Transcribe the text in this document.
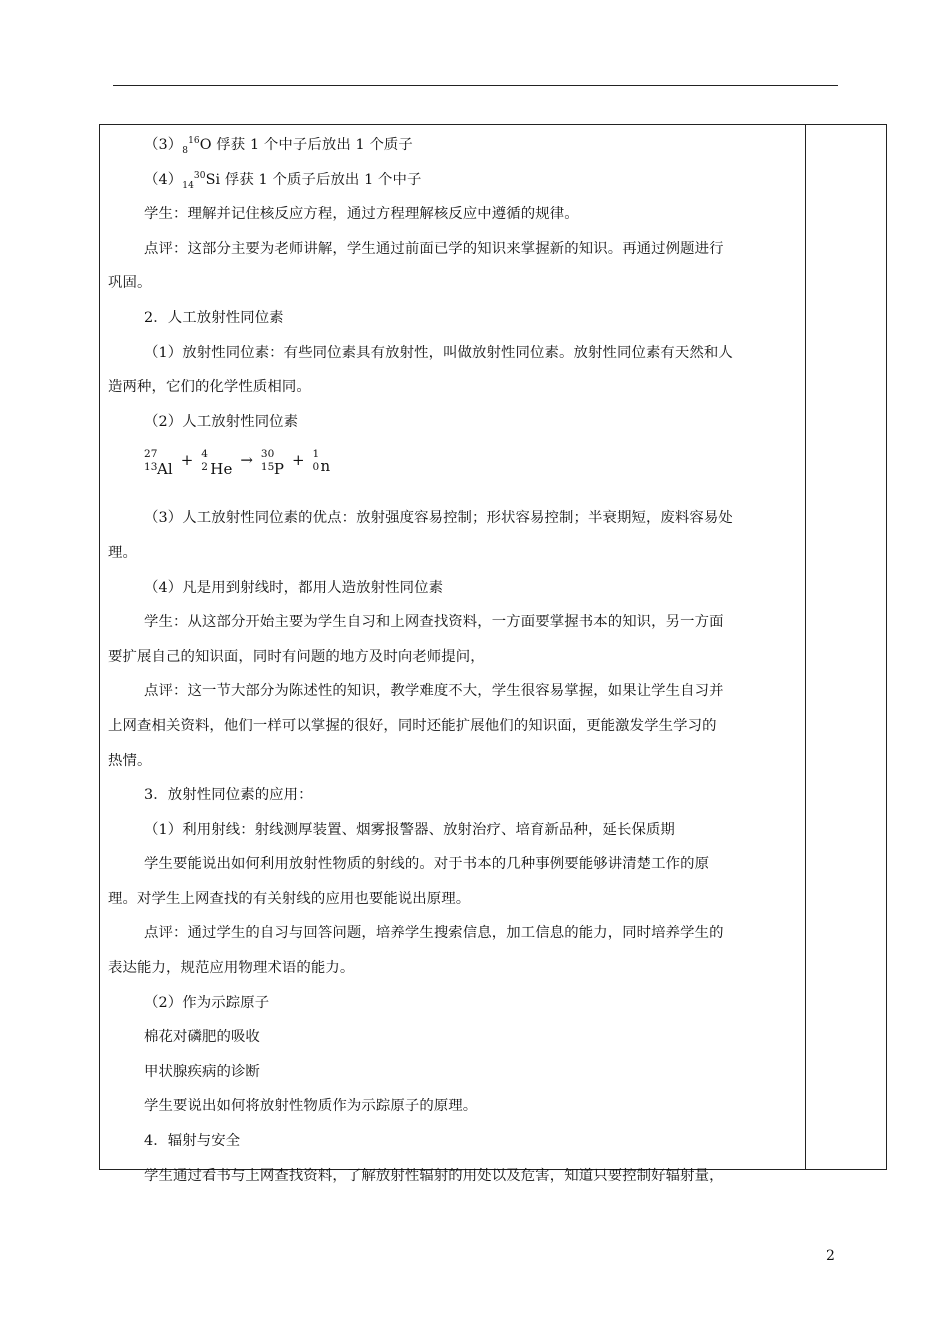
$(3)_8^{16}O$ 俘获 1 个中子后放出 1 个质子
$(4)_{14}^{30}Si$ 俘获 1 个质子后放出 1 个中子
学生：理解并记住核反应方程，通过方程理解核反应中遵循的规律。
点评：这部分主要为老师讲解，学生通过前面已学的知识来掌握新的知识。再通过例题进行
巩固。
2．人工放射性同位素
（1）放射性同位素：有些同位素具有放射性，叫做放射性同位素。放射性同位素有天然和人
造两种，它们的化学性质相同。
（2）人工放射性同位素
27
13 Al + 4
2 He → 30
15 P + 1
0 n
（3）人工放射性同位素的优点：放射强度容易控制；形状容易控制；半衰期短，废料容易处
理。
（4）凡是用到射线时，都用人造放射性同位素
学生：从这部分开始主要为学生自习和上网查找资料，一方面要掌握书本的知识，另一方面
要扩展自己的知识面，同时有问题的地方及时向老师提问，
点评：这一节大部分为陈述性的知识，教学难度不大，学生很容易掌握，如果让学生自习并
上网查相关资料，他们一样可以掌握的很好，同时还能扩展他们的知识面，更能激发学生学习的
热情。
3．放射性同位素的应用：
（1）利用射线：射线测厚装置、烟雾报警器、放射治疗、培育新品种，延长保质期
学生要能说出如何利用放射性物质的射线的。对于书本的几种事例要能够讲清楚工作的原
理。对学生上网查找的有关射线的应用也要能说出原理。
点评：通过学生的自习与回答问题，培养学生搜索信息，加工信息的能力，同时培养学生的
表达能力，规范应用物理术语的能力。
（2）作为示踪原子
棉花对磷肥的吸收
甲状腺疾病的诊断
学生要说出如何将放射性物质作为示踪原子的原理。
4．辐射与安全
学生通过看书与上网查找资料，了解放射性辐射的用处以及危害，知道只要控制好辐射量，
2
